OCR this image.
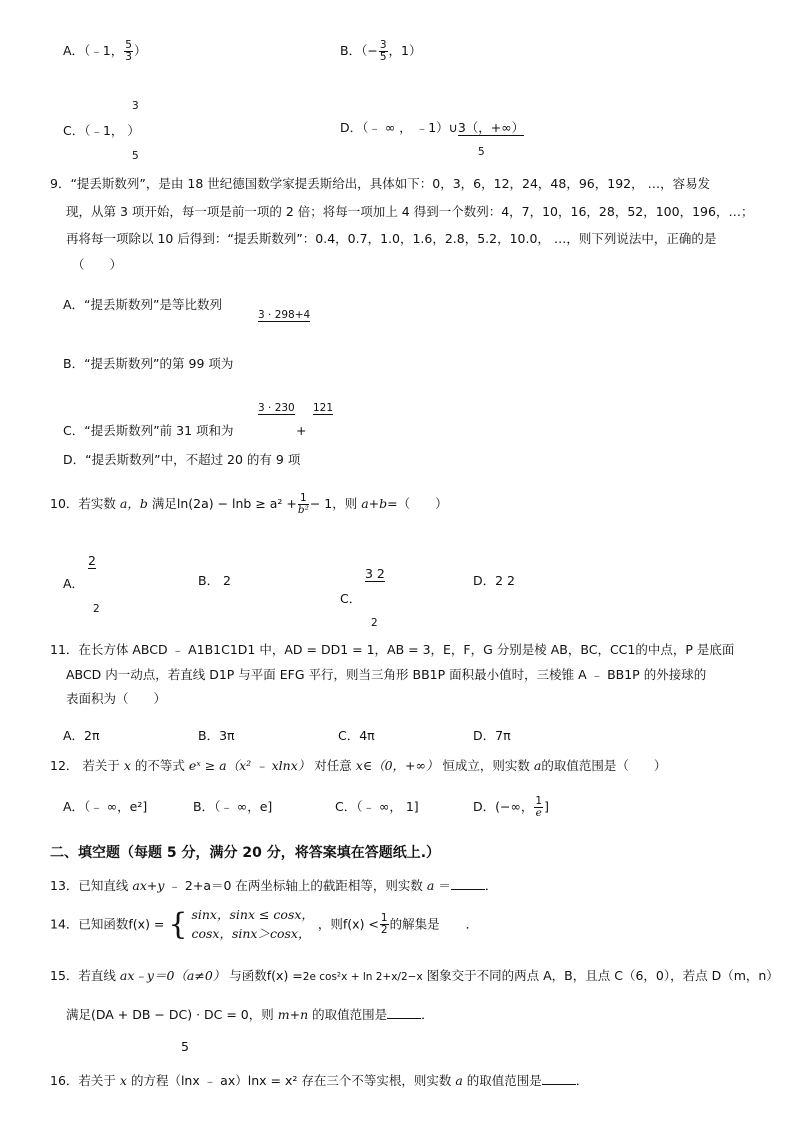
A．（﹣1， $\frac{5}{3}$ ）	B．（− $\frac{3}{5}$ ，1）
3
C．（﹣1， ）
5
D．（﹣ ∞ ， ﹣1）∪3（，+∞）
5
9．“提丢斯数列”，是由 18 世纪德国数学家提丢斯给出，具体如下：0，3，6，12，24，48，96，192， …，容易发
现，从第 3 项开始，每一项是前一项的 2 倍；将每一项加上 4 得到一个数列：4，7，10，16，28，52，100，196，…；
再将每一项除以 10 后得到：“提丢斯数列”：0.4，0.7，1.0，1.6，2.8，5.2，10.0， …，则下列说法中，正确的是
（　　）
A．“提丢斯数列”是等比数列
3 · 298+4
B．“提丢斯数列”的第 99 项为
3 · 230 121
C．“提丢斯数列”前 31 项和为	+
D．“提丢斯数列”中，不超过 20 的有 9 项
10．若实数 a，b 满足$\ln(2a) - \ln b \ge a^2 + \frac{1}{\text{b²}} - 1$，则 a+b=（　　）
2
A．
2
B． 2	3 2
C．
2
D．2 2
11．在长方体 ABCD ﹣ A1B1C1D1 中，AD = DD1 = 1，AB = 3，E，F，G 分别是棱 AB，BC，CC1的中点，P 是底面
ABCD 内一动点，若直线 D1P 与平面 EFG 平行，则当三角形 BB1P 面积最小值时，三棱锥 A ﹣ BB1P 的外接球的
表面积为（　　）
A．2π	B．3π	C．4π	D．7π
12． 若关于 x 的不等式 eˣ ≥ a（x² ﹣ xlnx） 对任意 x∈（0，+∞） 恒成立，则实数 a的取值范围是（　　）
A．（﹣ ∞，e²]	B．（﹣ ∞，e]	C．（﹣ ∞， 1]	D．(−∞， $\frac{1}{e}$ ]
二、填空题（每题 5 分，满分 20 分，将答案填在答题纸上.）
13．已知直线 ax+y ﹣ 2+a＝0 在两坐标轴上的截距相等，则实数 a ＝	．
14．已知函数f(x) = { sinx，sinx ≤ cosx，
cosx，sinx＞cosx，
，则$f(x) < \frac{1}{2}$ 的解集是 ．
15．若直线 ax﹣y＝0（a≠0） 与函数f(x) =2e cos²x + ln 2+x/2−x 图象交于不同的两点 A，B，且点 C（6，0），若点 D（m，n）
满足(DA + DB − DC) · DC = 0，则 m+n 的取值范围是	．
5
16．若关于 x 的方程（lnx ﹣ ax）lnx = x² 存在三个不等实根，则实数 a 的取值范围是	．
